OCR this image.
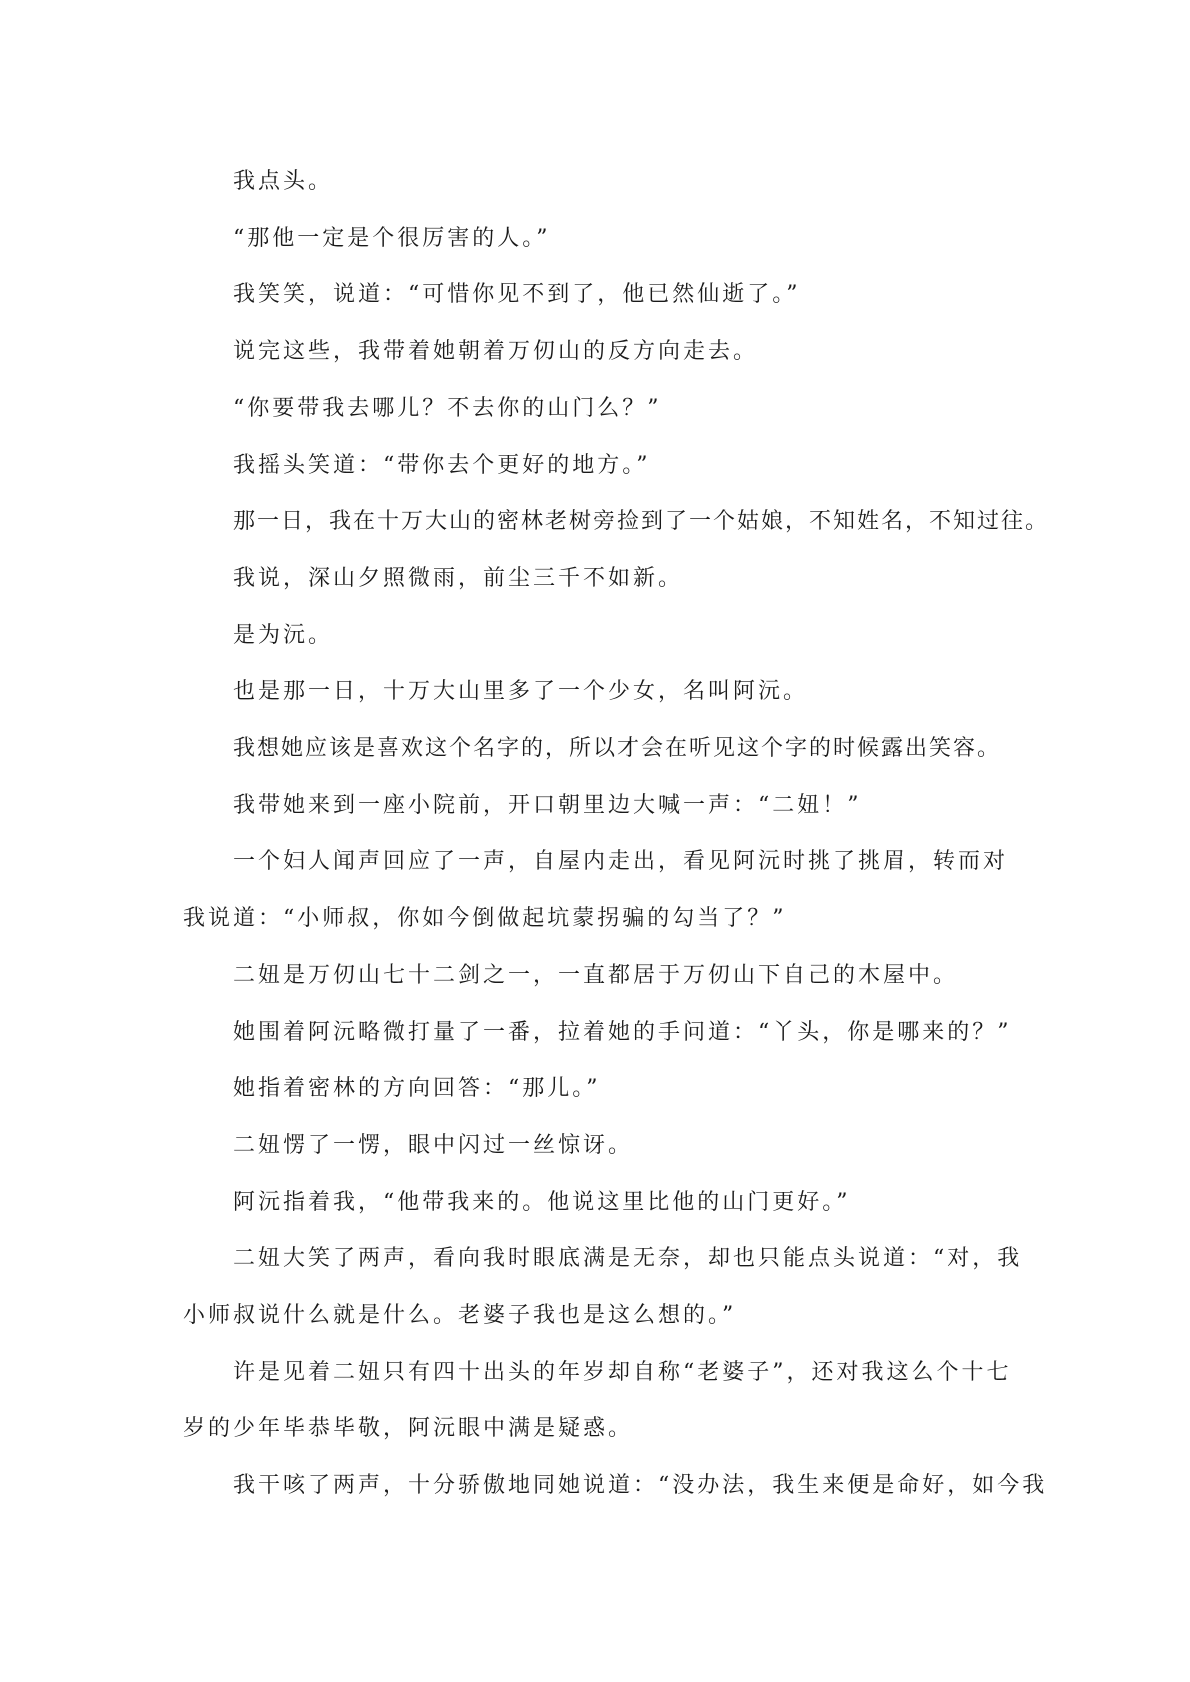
我点头。

“那他一定是个很厉害的人。”

我笑笑，说道：“可惜你见不到了，他已然仙逝了。”

说完这些，我带着她朝着万仞山的反方向走去。

“你要带我去哪儿？不去你的山门么？”

我摇头笑道：“带你去个更好的地方。”

那一日，我在十万大山的密林老树旁捡到了一个姑娘，不知姓名，不知过往。

我说，深山夕照微雨，前尘三千不如新。

是为沅。

也是那一日，十万大山里多了一个少女，名叫阿沅。

我想她应该是喜欢这个名字的，所以才会在听见这个字的时候露出笑容。

我带她来到一座小院前，开口朝里边大喊一声：“二妞！”

一个妇人闻声回应了一声，自屋内走出，看见阿沅时挑了挑眉，转而对我说道：“小师叔，你如今倒做起坑蒙拐骗的勾当了？”

二妞是万仞山七十二剑之一，一直都居于万仞山下自己的木屋中。

她围着阿沅略微打量了一番，拉着她的手问道：“丫头，你是哪来的？”

她指着密林的方向回答：“那儿。”

二妞愣了一愣，眼中闪过一丝惊讶。

阿沅指着我，“他带我来的。他说这里比他的山门更好。”

二妞大笑了两声，看向我时眼底满是无奈，却也只能点头说道：“对，我小师叔说什么就是什么。老婆子我也是这么想的。”

许是见着二妞只有四十出头的年岁却自称“老婆子”，还对我这么个十七岁的少年毕恭毕敬，阿沅眼中满是疑惑。

我干咳了两声，十分骄傲地同她说道：“没办法，我生来便是命好，如今我
